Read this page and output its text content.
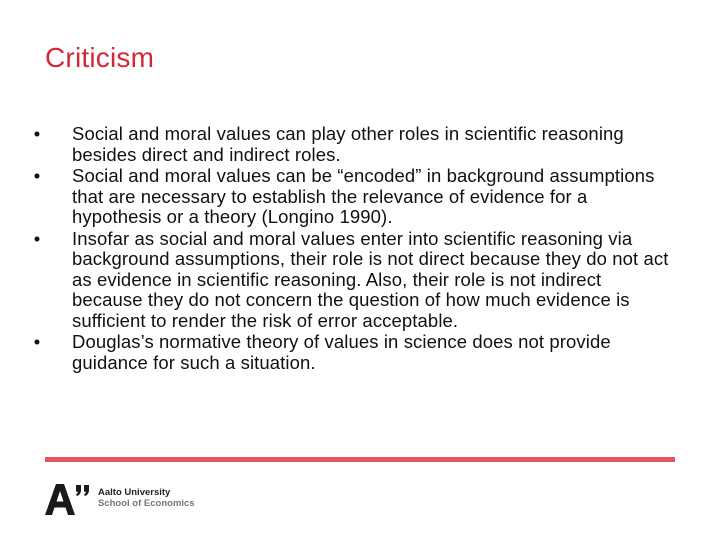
Criticism
• Social and moral values can play other roles in scientific reasoning besides direct and indirect roles.
• Social and moral values can be “encoded” in background assumptions that are necessary to establish the relevance of evidence for a hypothesis or a theory (Longino 1990).
• Insofar as social and moral values enter into scientific reasoning via background assumptions, their role is not direct because they do not act as evidence in scientific reasoning. Also, their role is not indirect because they do not concern the question of how much evidence is sufficient to render the risk of error acceptable.
• Douglas’s normative theory of values in science does not provide guidance for such a situation.
Aalto University
School of Economics
